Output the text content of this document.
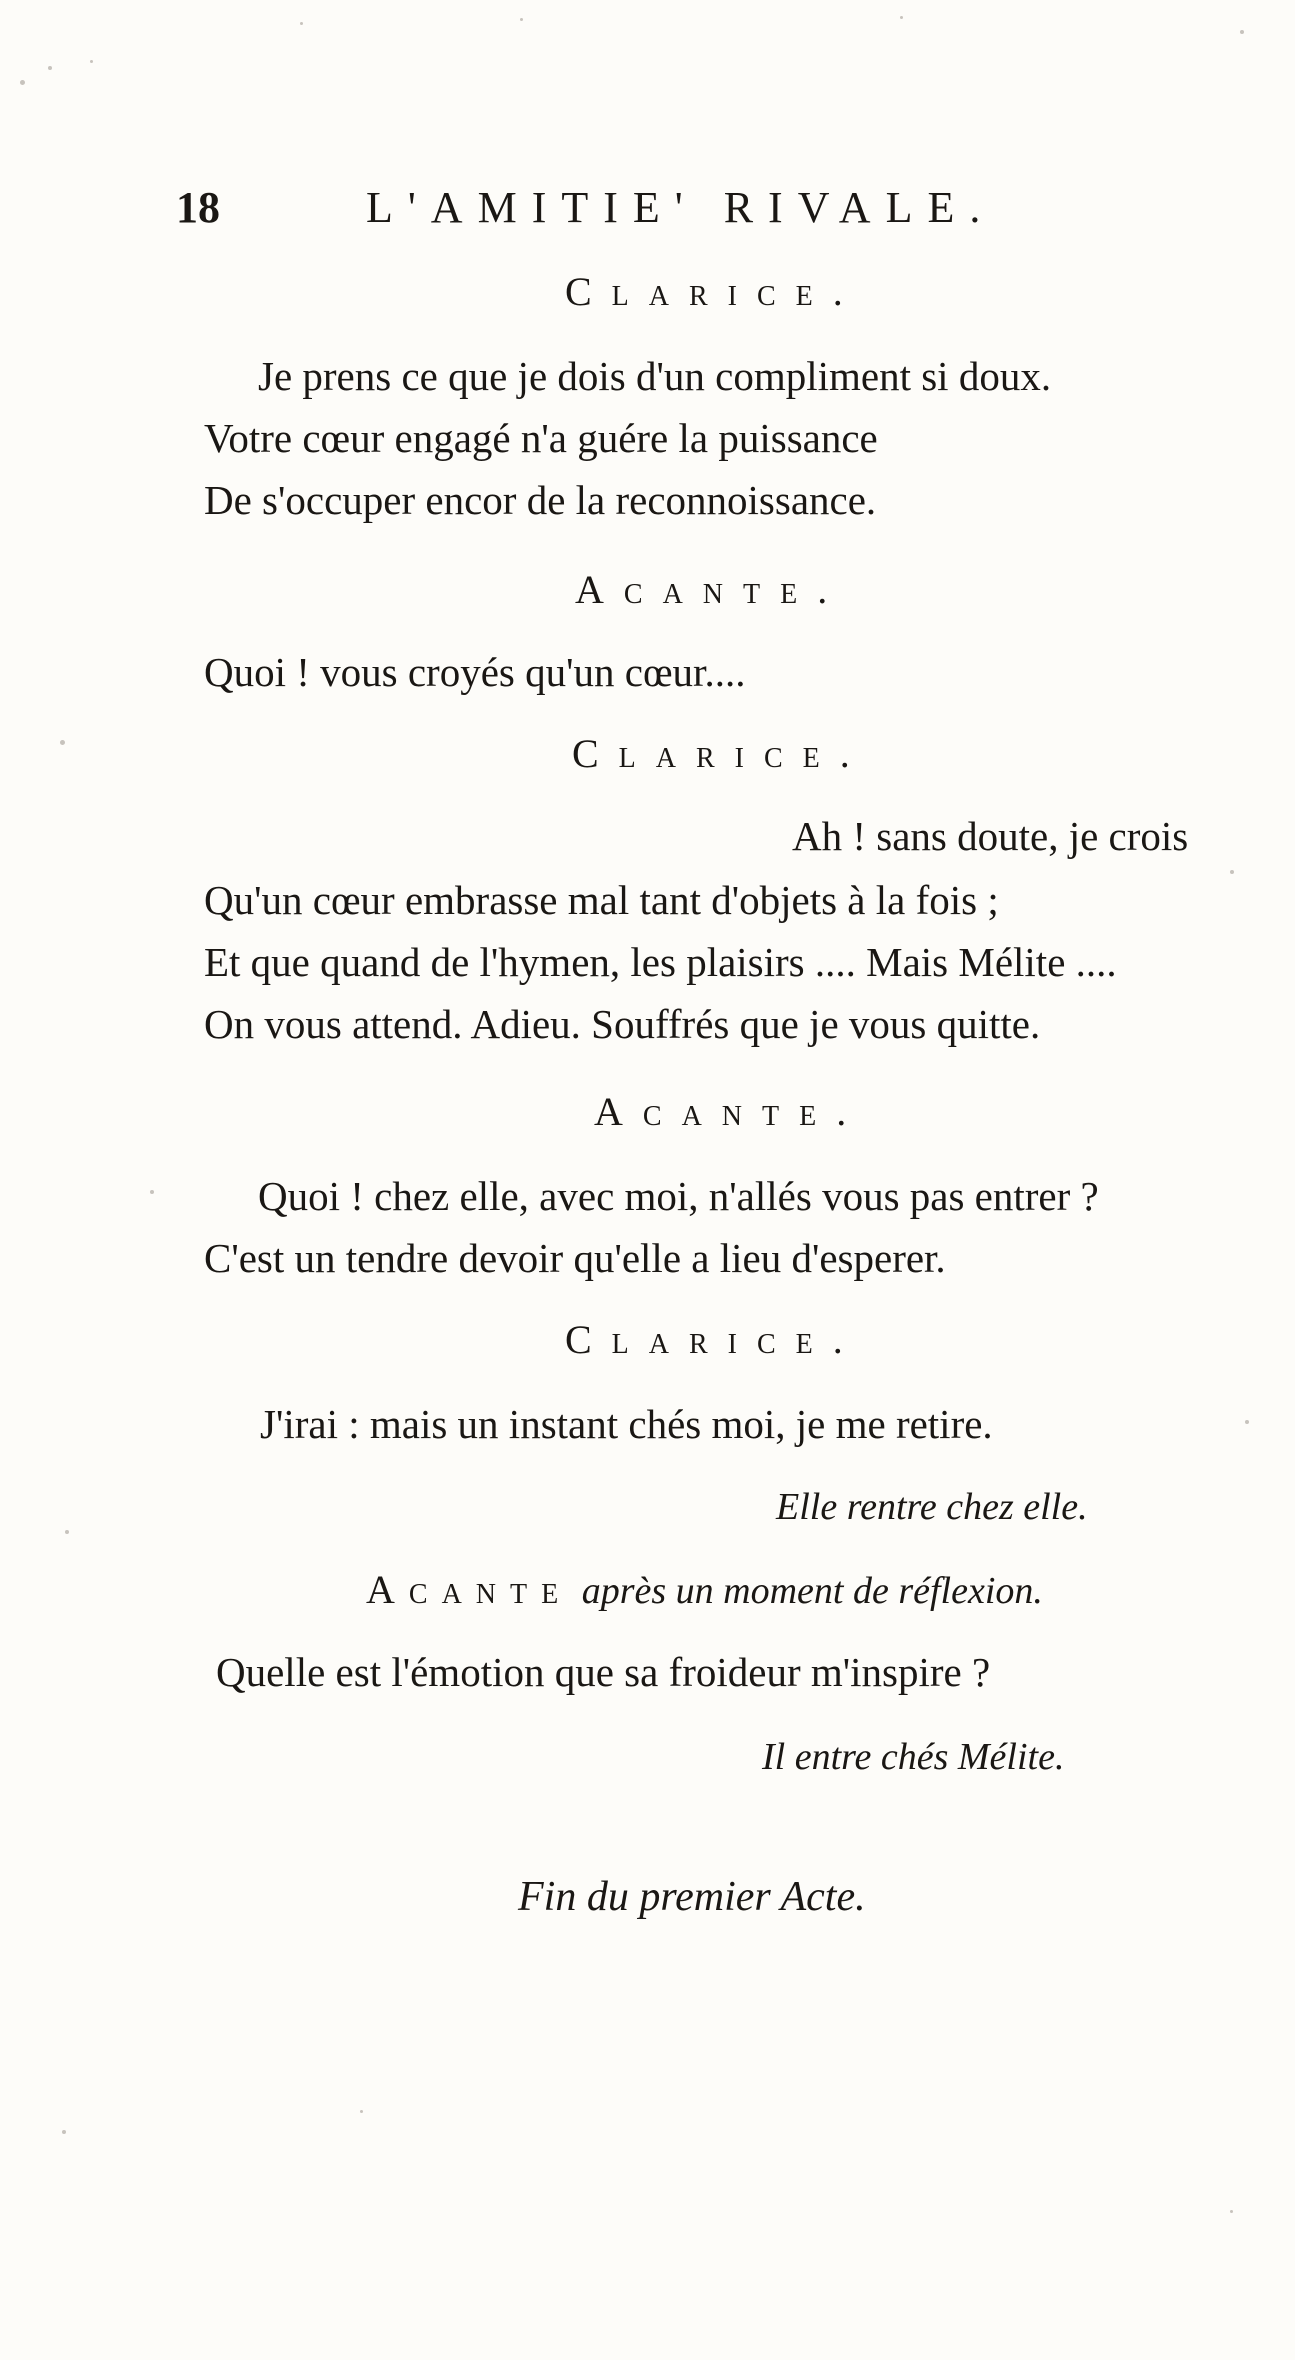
18	L'AMITIE' RIVALE.
Clarice.
Je prens ce que je dois d'un compliment si doux.
Votre cœur engagé n'a guére la puissance
De s'occuper encor de la reconnoissance.
Acante.
Quoi ! vous croyés qu'un cœur....
Clarice.
Ah ! sans doute, je crois
Qu'un cœur embrasse mal tant d'objets à la fois ;
Et que quand de l'hymen, les plaisirs .... Mais Mélite ....
On vous attend. Adieu. Souffrés que je vous quitte.
Acante.
Quoi ! chez elle, avec moi, n'allés vous pas entrer ?
C'est un tendre devoir qu'elle a lieu d'esperer.
Clarice.
J'irai : mais un instant chés moi, je me retire.
Elle rentre chez elle.
Acante après un moment de réflexion.
Quelle est l'émotion que sa froideur m'inspire ?
Il entre chés Mélite.
Fin du premier Acte.
